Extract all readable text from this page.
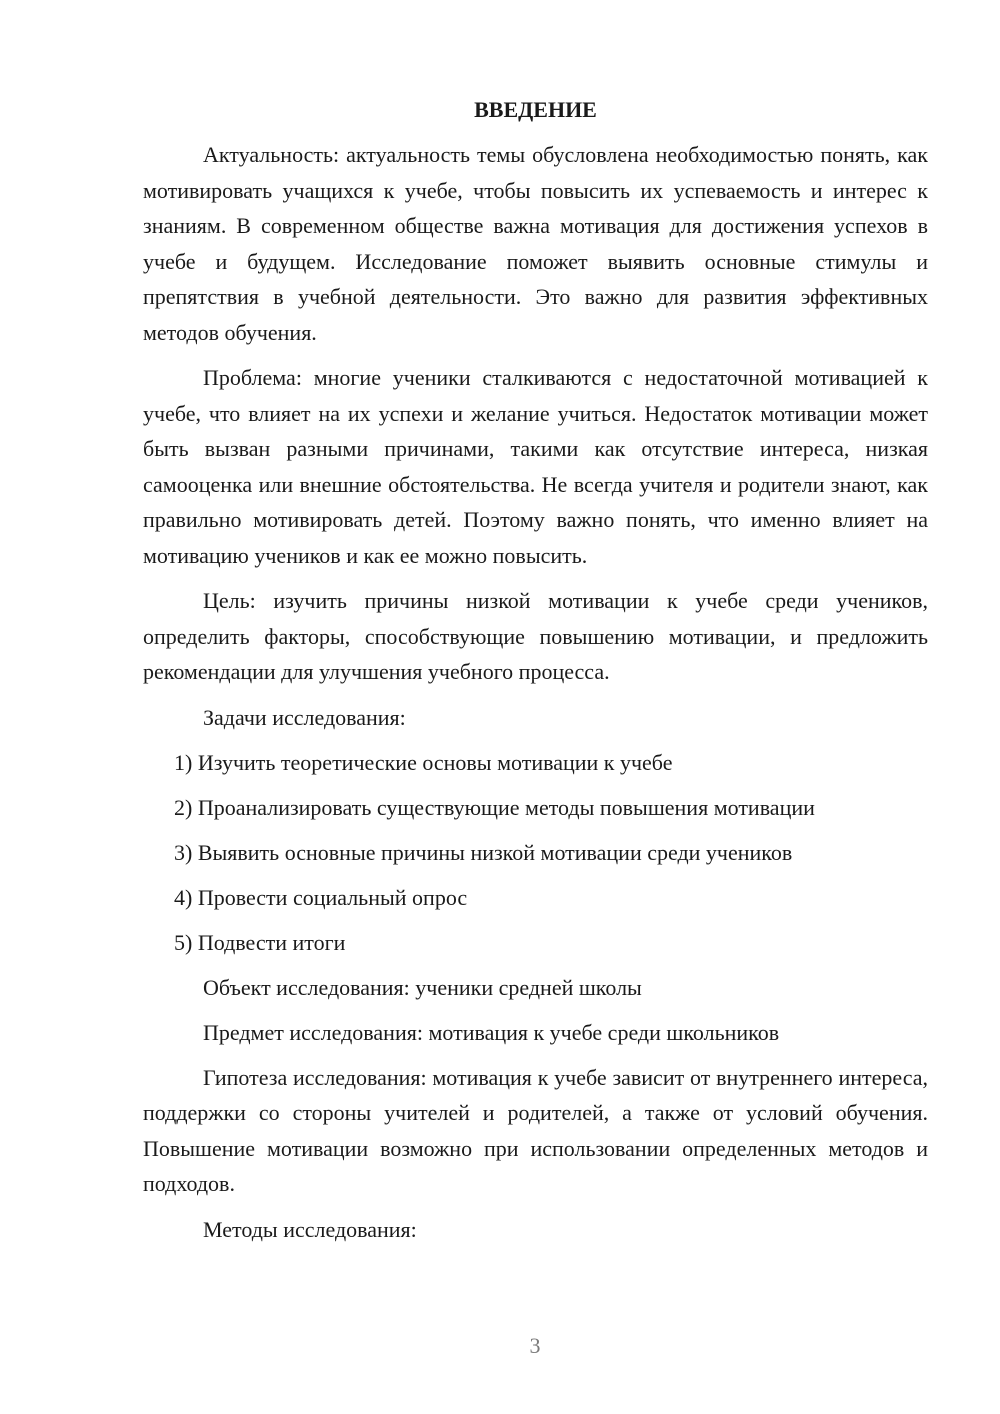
ВВЕДЕНИЕ

Актуальность: актуальность темы обусловлена необходимостью понять, как мотивировать учащихся к учебе, чтобы повысить их успеваемость и интерес к знаниям. В современном обществе важна мотивация для достижения успехов в учебе и будущем. Исследование поможет выявить основные стимулы и препятствия в учебной деятельности. Это важно для развития эффективных методов обучения.

Проблема: многие ученики сталкиваются с недостаточной мотивацией к учебе, что влияет на их успехи и желание учиться. Недостаток мотивации может быть вызван разными причинами, такими как отсутствие интереса, низкая самооценка или внешние обстоятельства. Не всегда учителя и родители знают, как правильно мотивировать детей. Поэтому важно понять, что именно влияет на мотивацию учеников и как ее можно повысить.

Цель: изучить причины низкой мотивации к учебе среди учеников, определить факторы, способствующие повышению мотивации, и предложить рекомендации для улучшения учебного процесса.

Задачи исследования:

1) Изучить теоретические основы мотивации к учебе
2) Проанализировать существующие методы повышения мотивации
3) Выявить основные причины низкой мотивации среди учеников
4) Провести социальный опрос
5) Подвести итоги

Объект исследования: ученики средней школы

Предмет исследования: мотивация к учебе среди школьников

Гипотеза исследования: мотивация к учебе зависит от внутреннего интереса, поддержки со стороны учителей и родителей, а также от условий обучения. Повышение мотивации возможно при использовании определенных методов и подходов.

Методы исследования:

3
